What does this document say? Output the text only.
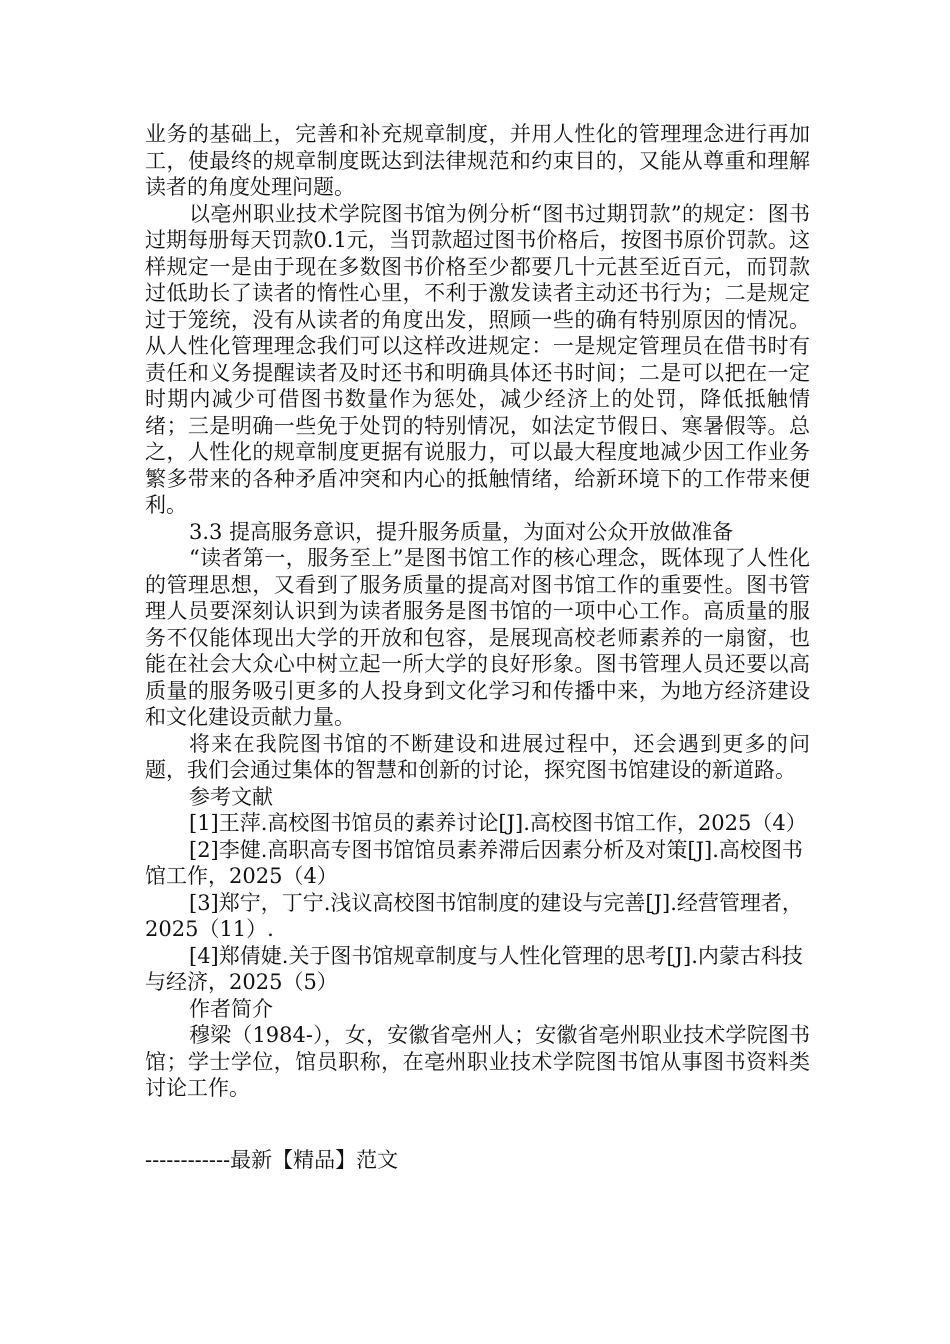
业务的基础上，完善和补充规章制度，并用人性化的管理理念进行再加工，使最终的规章制度既达到法律规范和约束目的，又能从尊重和理解读者的角度处理问题。

以亳州职业技术学院图书馆为例分析“图书过期罚款”的规定：图书过期每册每天罚款0.1元，当罚款超过图书价格后，按图书原价罚款。这样规定一是由于现在多数图书价格至少都要几十元甚至近百元，而罚款过低助长了读者的惰性心里，不利于激发读者主动还书行为；二是规定过于笼统，没有从读者的角度出发，照顾一些的确有特别原因的情况。从人性化管理理念我们可以这样改进规定：一是规定管理员在借书时有责任和义务提醒读者及时还书和明确具体还书时间；二是可以把在一定时期内减少可借图书数量作为惩处，减少经济上的处罚，降低抵触情绪；三是明确一些免于处罚的特别情况，如法定节假日、寒暑假等。总之，人性化的规章制度更据有说服力，可以最大程度地减少因工作业务繁多带来的各种矛盾冲突和内心的抵触情绪，给新环境下的工作带来便利。

3.3 提高服务意识，提升服务质量，为面对公众开放做准备

“读者第一，服务至上”是图书馆工作的核心理念，既体现了人性化的管理思想，又看到了服务质量的提高对图书馆工作的重要性。图书管理人员要深刻认识到为读者服务是图书馆的一项中心工作。高质量的服务不仅能体现出大学的开放和包容，是展现高校老师素养的一扇窗，也能在社会大众心中树立起一所大学的良好形象。图书管理人员还要以高质量的服务吸引更多的人投身到文化学习和传播中来，为地方经济建设和文化建设贡献力量。

将来在我院图书馆的不断建设和进展过程中，还会遇到更多的问题，我们会通过集体的智慧和创新的讨论，探究图书馆建设的新道路。

参考文献

[1]王萍.高校图书馆员的素养讨论[J].高校图书馆工作，2025（4）

[2]李健.高职高专图书馆馆员素养滞后因素分析及对策[J].高校图书馆工作，2025（4）

[3]郑宁，丁宁.浅议高校图书馆制度的建设与完善[J].经营管理者，2025（11）.

[4]郑倩婕.关于图书馆规章制度与人性化管理的思考[J].内蒙古科技与经济，2025（5）

作者简介

穆梁（1984-），女，安徽省亳州人；安徽省亳州职业技术学院图书馆；学士学位，馆员职称，在亳州职业技术学院图书馆从事图书资料类讨论工作。

------------最新【精品】范文
